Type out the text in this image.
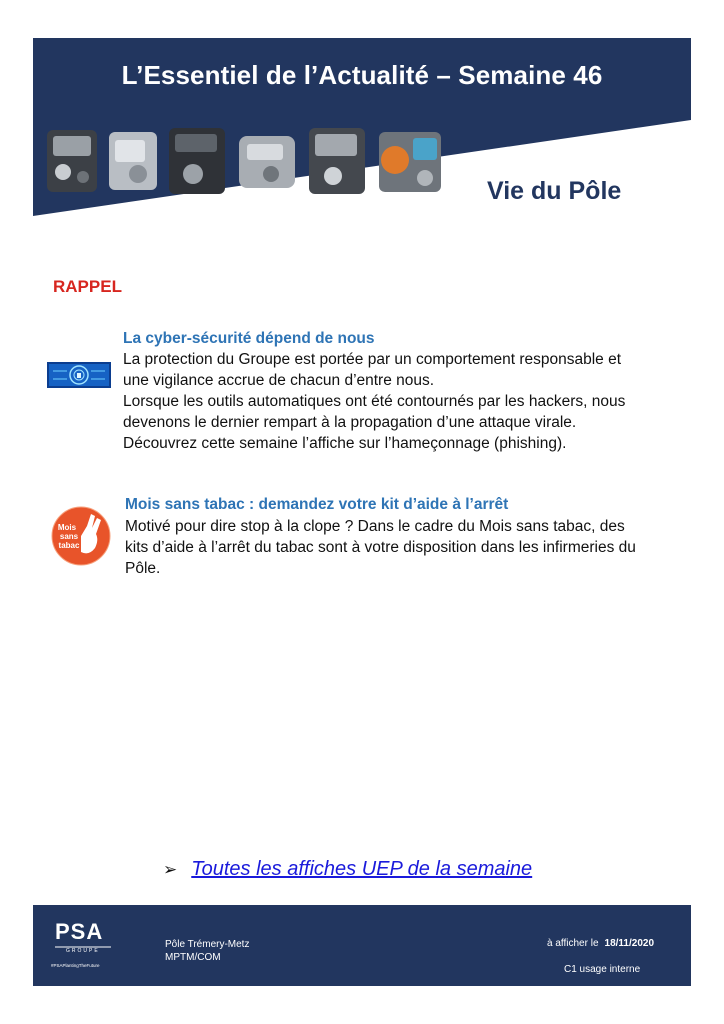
L’Essentiel de l’Actualité – Semaine 46
Vie du Pôle
RAPPEL
La cyber-sécurité dépend de nous
La protection du Groupe est portée par un comportement responsable et
une vigilance accrue de chacun d’entre nous.
Lorsque les outils automatiques ont été contournés par les hackers, nous
devenons le dernier rempart à la propagation d’une attaque virale.
Découvrez cette semaine l’affiche sur l’hameçonnage (phishing).
Mois
sans
tabac
Mois sans tabac : demandez votre kit d’aide à l’arrêt
Motivé pour dire stop à la clope ? Dans le cadre du Mois sans tabac, des
kits d’aide à l’arrêt du tabac sont à votre disposition dans les infirmeries du
Pôle.
➢ Toutes les affiches UEP de la semaine
PSA
GROUPE
#PSAPlantingTheFuture
Pôle Trémery-Metz
MPTM/COM
à afficher le 18/11/2020
C1 usage interne
